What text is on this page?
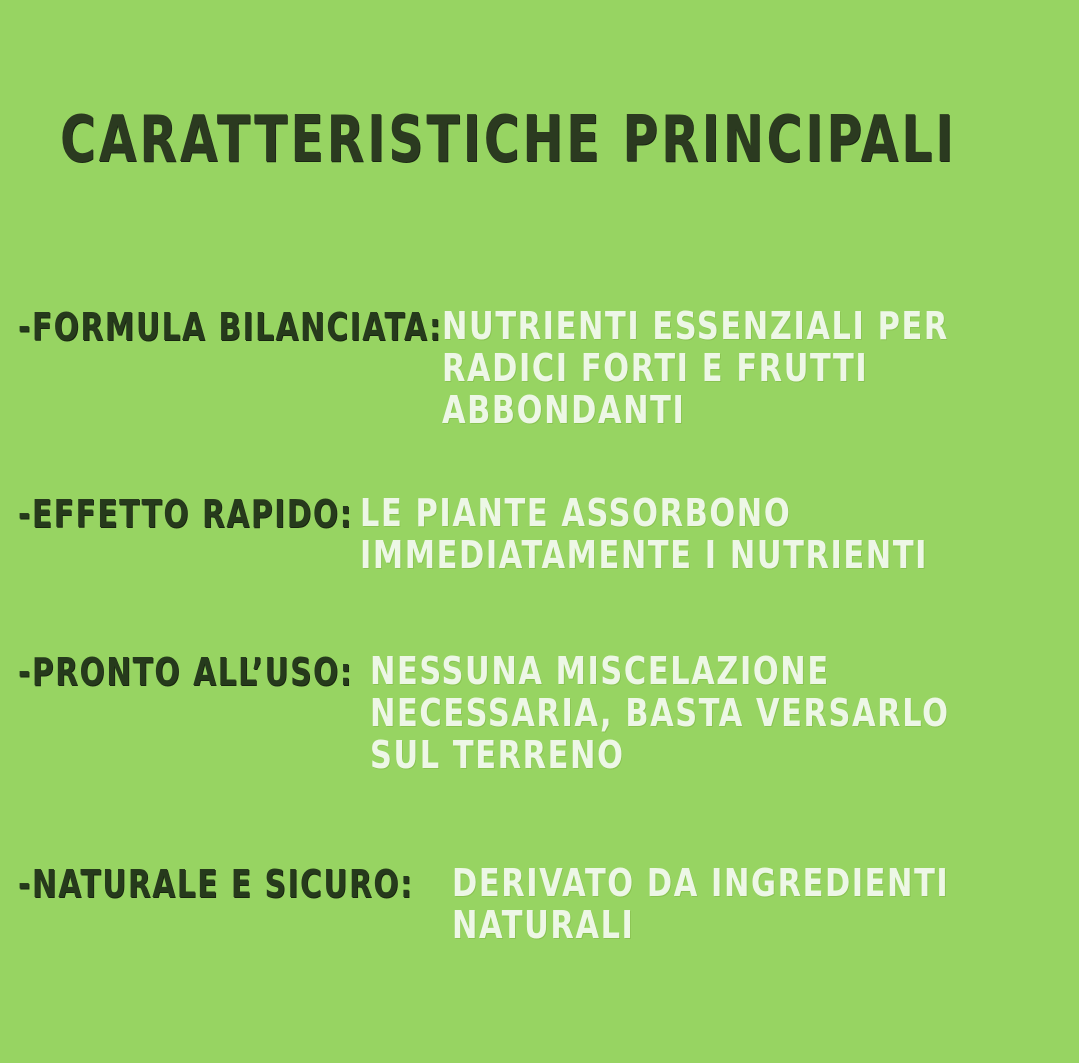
CARATTERISTICHE PRINCIPALI
-FORMULA BILANCIATA: NUTRIENTI ESSENZIALI PER
RADICI FORTI E FRUTTI
ABBONDANTI
-EFFETTO RAPIDO: LE PIANTE ASSORBONO
IMMEDIATAMENTE I NUTRIENTI
-PRONTO ALL’USO: NESSUNA MISCELAZIONE
NECESSARIA, BASTA VERSARLO
SUL TERRENO
-NATURALE E SICURO: DERIVATO DA INGREDIENTI
NATURALI
